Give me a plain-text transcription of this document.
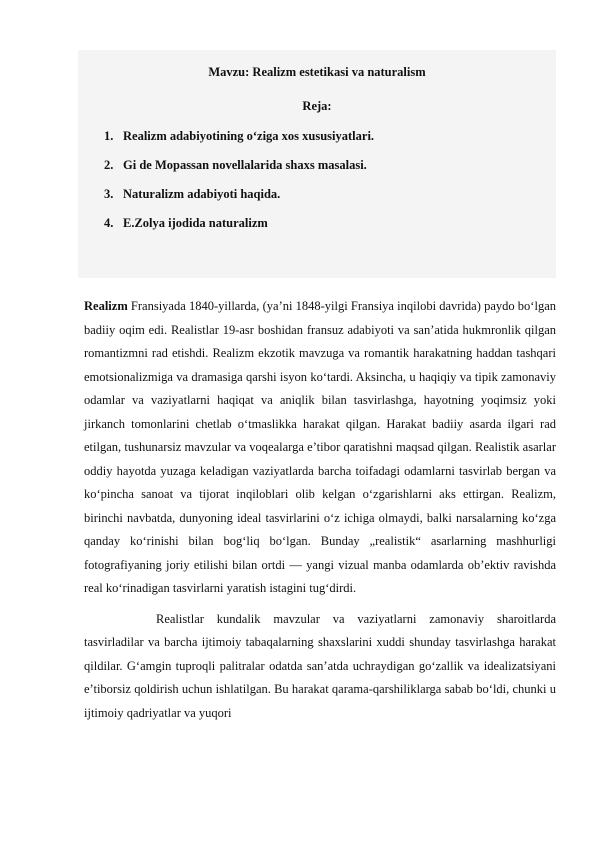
Mavzu: Realizm estetikasi va naturalism
Reja:
1. Realizm adabiyotining o‘ziga xos xususiyatlari.
2. Gi de Mopassan novellalarida shaxs masalasi.
3. Naturalizm adabiyoti haqida.
4. E.Zolya ijodida naturalizm

Realizm Fransiyada 1840-yillarda, (ya’ni 1848-yilgi Fransiya inqilobi davrida) paydo bo‘lgan badiiy oqim edi. Realistlar 19-asr boshidan fransuz adabiyoti va san’atida hukmronlik qilgan romantizmni rad etishdi. Realizm ekzotik mavzuga va romantik harakatning haddan tashqari emotsionalizmiga va dramasiga qarshi isyon ko‘tardi. Aksincha, u haqiqiy va tipik zamonaviy odamlar va vaziyatlarni haqiqat va aniqlik bilan tasvirlashga, hayotning yoqimsiz yoki jirkanch tomonlarini chetlab o‘tmaslikka harakat qilgan. Harakat badiiy asarda ilgari rad etilgan, tushunarsiz mavzular va voqealarga e’tibor qaratishni maqsad qilgan. Realistik asarlar oddiy hayotda yuzaga keladigan vaziyatlarda barcha toifadagi odamlarni tasvirlab bergan va ko‘pincha sanoat va tijorat inqiloblari olib kelgan o‘zgarishlarni aks ettirgan. Realizm, birinchi navbatda, dunyoning ideal tasvirlarini o‘z ichiga olmaydi, balki narsalarning ko‘zga qanday ko‘rinishi bilan bog‘liq bo‘lgan. Bunday „realistik“ asarlarning mashhurligi fotografiyaning joriy etilishi bilan ortdi — yangi vizual manba odamlarda ob’ektiv ravishda real ko‘rinadigan tasvirlarni yaratish istagini tug‘dirdi.

Realistlar kundalik mavzular va vaziyatlarni zamonaviy sharoitlarda tasvirladilar va barcha ijtimoiy tabaqalarning shaxslarini xuddi shunday tasvirlashga harakat qildilar. G‘amgin tuproqli palitralar odatda san’atda uchraydigan go‘zallik va idealizatsiyani e’tiborsiz qoldirish uchun ishlatilgan. Bu harakat qarama-qarshiliklarga sabab bo‘ldi, chunki u ijtimoiy qadriyatlar va yuqori
